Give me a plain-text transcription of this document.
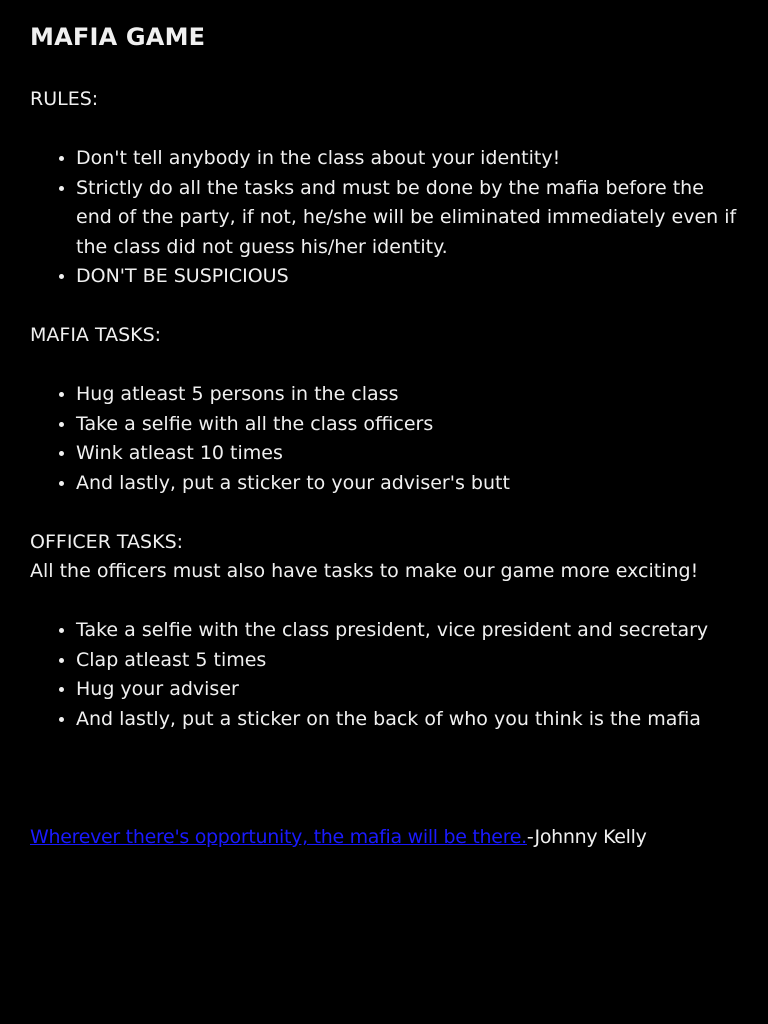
MAFIA GAME

RULES:

• Don't tell anybody in the class about your identity!
• Strictly do all the tasks and must be done by the mafia before the end of the party, if not, he/she will be eliminated immediately even if the class did not guess his/her identity.
• DON'T BE SUSPICIOUS

MAFIA TASKS:

• Hug atleast 5 persons in the class
• Take a selfie with all the class officers
• Wink atleast 10 times
• And lastly, put a sticker to your adviser's butt

OFFICER TASKS:

All the officers must also have tasks to make our game more exciting!

• Take a selfie with the class president, vice president and secretary
• Clap atleast 5 times
• Hug your adviser
• And lastly, put a sticker on the back of who you think is the mafia
Wherever there's opportunity, the mafia will be there.-Johnny Kelly
